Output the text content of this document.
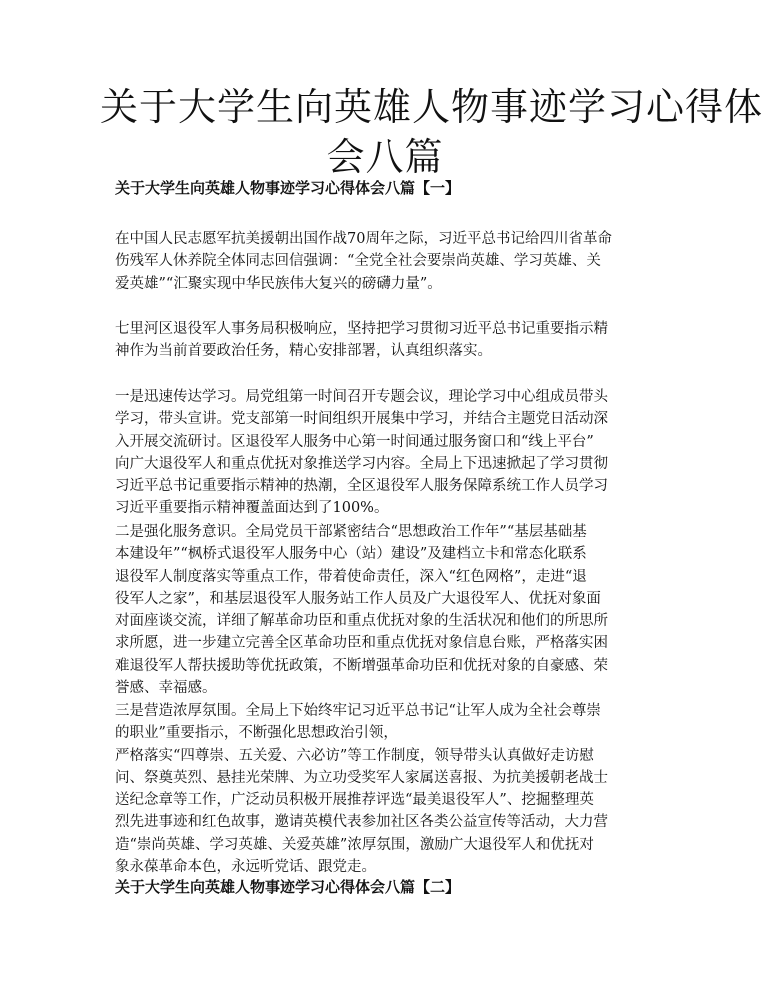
关于大学生向英雄人物事迹学习心得体
会八篇
关于大学生向英雄人物事迹学习心得体会八篇【一】

在中国人民志愿军抗美援朝出国作战70周年之际，习近平总书记给四川省革命
伤残军人休养院全体同志回信强调：“全党全社会要崇尚英雄、学习英雄、关
爱英雄”“汇聚实现中华民族伟大复兴的磅礴力量”。

七里河区退役军人事务局积极响应，坚持把学习贯彻习近平总书记重要指示精
神作为当前首要政治任务，精心安排部署，认真组织落实。

一是迅速传达学习。局党组第一时间召开专题会议，理论学习中心组成员带头
学习，带头宣讲。党支部第一时间组织开展集中学习，并结合主题党日活动深
入开展交流研讨。区退役军人服务中心第一时间通过服务窗口和“线上平台”
向广大退役军人和重点优抚对象推送学习内容。全局上下迅速掀起了学习贯彻
习近平总书记重要指示精神的热潮，全区退役军人服务保障系统工作人员学习
习近平重要指示精神覆盖面达到了100%。

二是强化服务意识。全局党员干部紧密结合“思想政治工作年”“基层基础基
本建设年”“枫桥式退役军人服务中心（站）建设”及建档立卡和常态化联系
退役军人制度落实等重点工作，带着使命责任，深入“红色网格”，走进“退
役军人之家”，和基层退役军人服务站工作人员及广大退役军人、优抚对象面
对面座谈交流，详细了解革命功臣和重点优抚对象的生活状况和他们的所思所
求所愿，进一步建立完善全区革命功臣和重点优抚对象信息台账，严格落实困
难退役军人帮扶援助等优抚政策，不断增强革命功臣和优抚对象的自豪感、荣
誉感、幸福感。

三是营造浓厚氛围。全局上下始终牢记习近平总书记“让军人成为全社会尊崇
的职业”重要指示，不断强化思想政治引领，
严格落实“四尊崇、五关爱、六必访”等工作制度，领导带头认真做好走访慰
问、祭奠英烈、悬挂光荣牌、为立功受奖军人家属送喜报、为抗美援朝老战士
送纪念章等工作，广泛动员积极开展推荐评选“最美退役军人”、挖掘整理英
烈先进事迹和红色故事，邀请英模代表参加社区各类公益宣传等活动，大力营
造“崇尚英雄、学习英雄、关爱英雄”浓厚氛围，激励广大退役军人和优抚对
象永葆革命本色，永远听党话、跟党走。

关于大学生向英雄人物事迹学习心得体会八篇【二】
